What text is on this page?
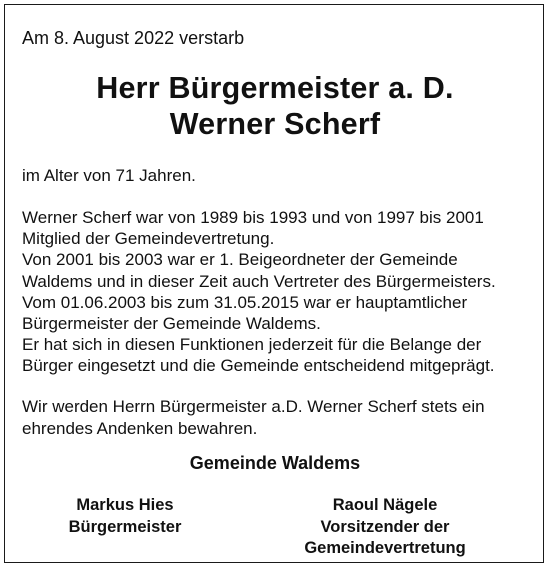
Am 8. August 2022 verstarb
Herr Bürgermeister a. D.
Werner Scherf
im Alter von 71 Jahren.
Werner Scherf war von 1989 bis 1993 und von 1997 bis 2001
Mitglied der Gemeindevertretung.
Von 2001 bis 2003 war er 1. Beigeordneter der Gemeinde
Waldems und in dieser Zeit auch Vertreter des Bürgermeisters.
Vom 01.06.2003 bis zum 31.05.2015 war er hauptamtlicher
Bürgermeister der Gemeinde Waldems.
Er hat sich in diesen Funktionen jederzeit für die Belange der
Bürger eingesetzt und die Gemeinde entscheidend mitgeprägt.
Wir werden Herrn Bürgermeister a.D. Werner Scherf stets ein
ehrendes Andenken bewahren.
Gemeinde Waldems
Markus Hies
Bürgermeister
Raoul Nägele
Vorsitzender der
Gemeindevertretung
